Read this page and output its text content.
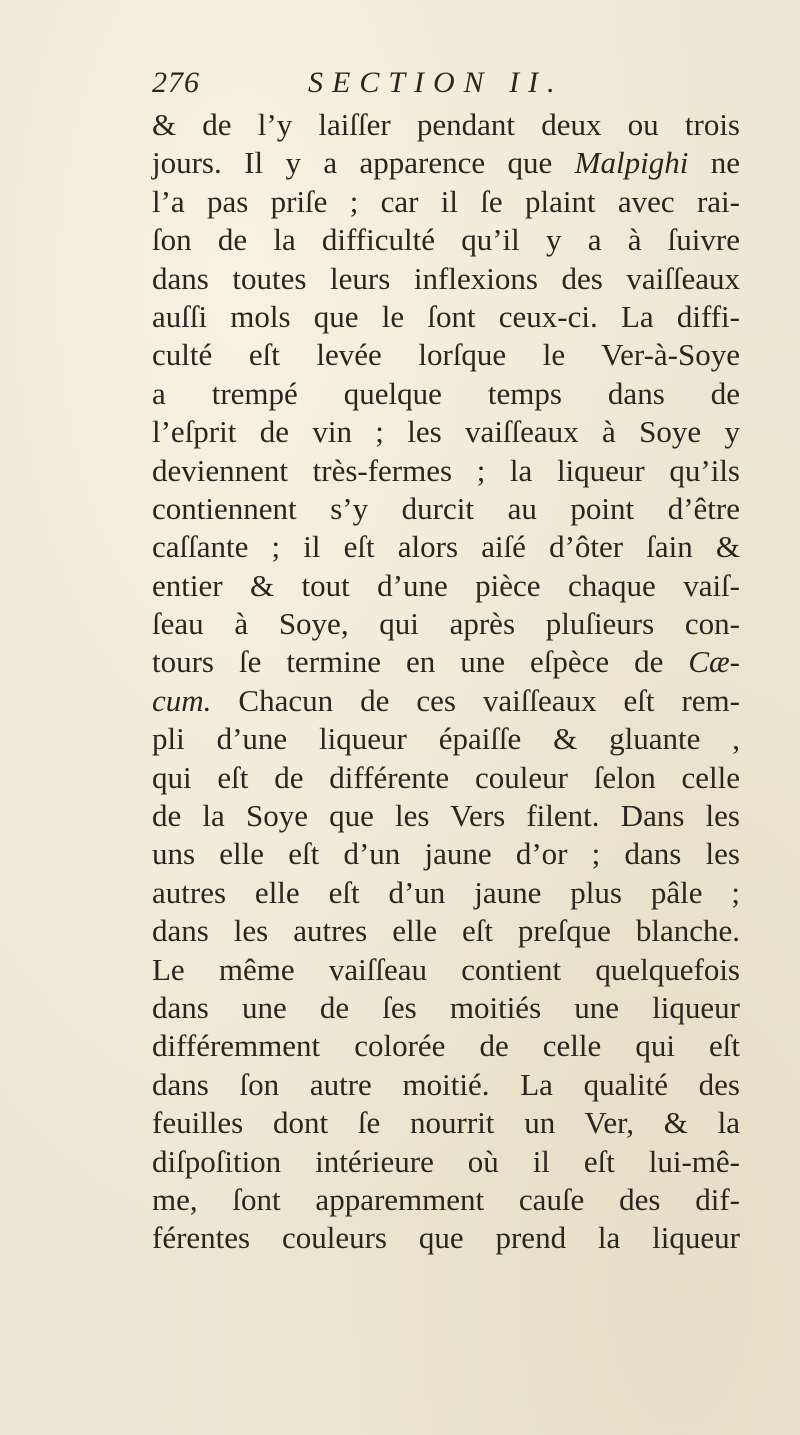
276	SECTION II.
& de l’y laiſſer pendant deux ou trois
jours. Il y a apparence que Malpighi ne
l’a pas priſe ; car il ſe plaint avec rai-
ſon de la difficulté qu’il y a à ſuivre
dans toutes leurs inflexions des vaiſſeaux
auſſi mols que le ſont ceux-ci. La diffi-
culté eſt levée lorſque le Ver-à-Soye
a trempé quelque temps dans de
l’eſprit de vin ; les vaiſſeaux à Soye y
deviennent très-fermes ; la liqueur qu’ils
contiennent s’y durcit au point d’être
caſſante ; il eſt alors aiſé d’ôter ſain &
entier & tout d’une pièce chaque vaiſ-
ſeau à Soye, qui après pluſieurs con-
tours ſe termine en une eſpèce de Cæ-
cum. Chacun de ces vaiſſeaux eſt rem-
pli d’une liqueur épaiſſe & gluante ,
qui eſt de différente couleur ſelon celle
de la Soye que les Vers filent. Dans les
uns elle eſt d’un jaune d’or ; dans les
autres elle eſt d’un jaune plus pâle ;
dans les autres elle eſt preſque blanche.
Le même vaiſſeau contient quelquefois
dans une de ſes moitiés une liqueur
différemment colorée de celle qui eſt
dans ſon autre moitié. La qualité des
feuilles dont ſe nourrit un Ver, & la
diſpoſition intérieure où il eſt lui-mê-
me, ſont apparemment cauſe des dif-
férentes couleurs que prend la liqueur
